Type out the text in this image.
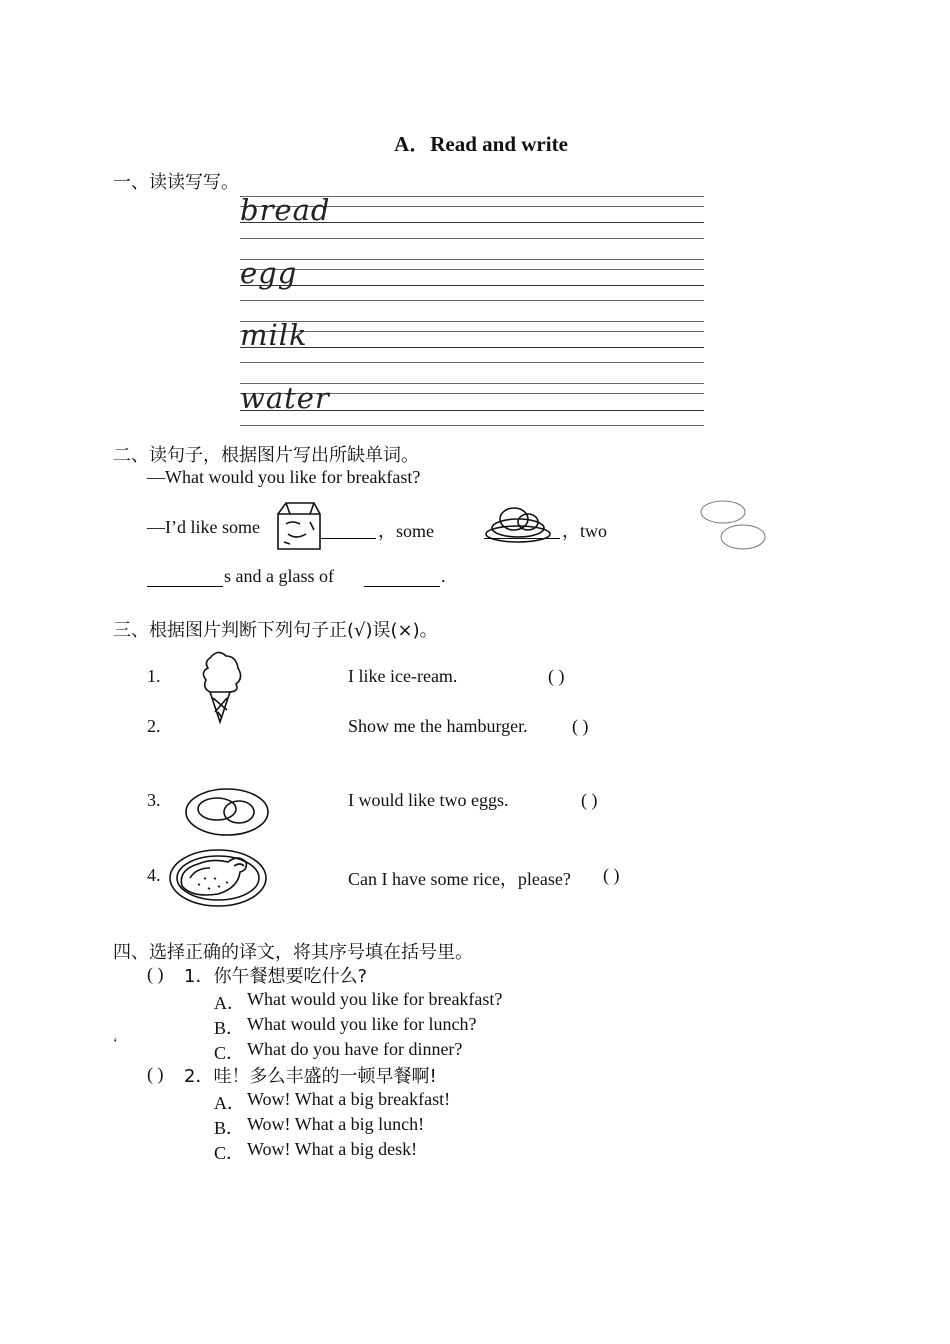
A．Read and write
一、读读写写。
bread
egg
milk
water
二、读句子，根据图片写出所缺单词。
—What would you like for breakfast?
—I’d like some	，some	，two
s and a glass of	.
三、根据图片判断下列句子正(√)误(×)。
1.	I like ice-ream.	( )
2.	Show me the hamburger. ( )
3.	I would like two eggs.	( )
4.	Can I have some rice，please? ( )
四、选择正确的译文，将其序号填在括号里。
( ) 1．你午餐想要吃什么?
A． What would you like for breakfast?
B． What would you like for lunch?
‘	C． What do you have for dinner?
( ) 2．哇！多么丰盛的一顿早餐啊!
A． Wow! What a big breakfast!
B． Wow! What a big lunch!
C． Wow! What a big desk!
